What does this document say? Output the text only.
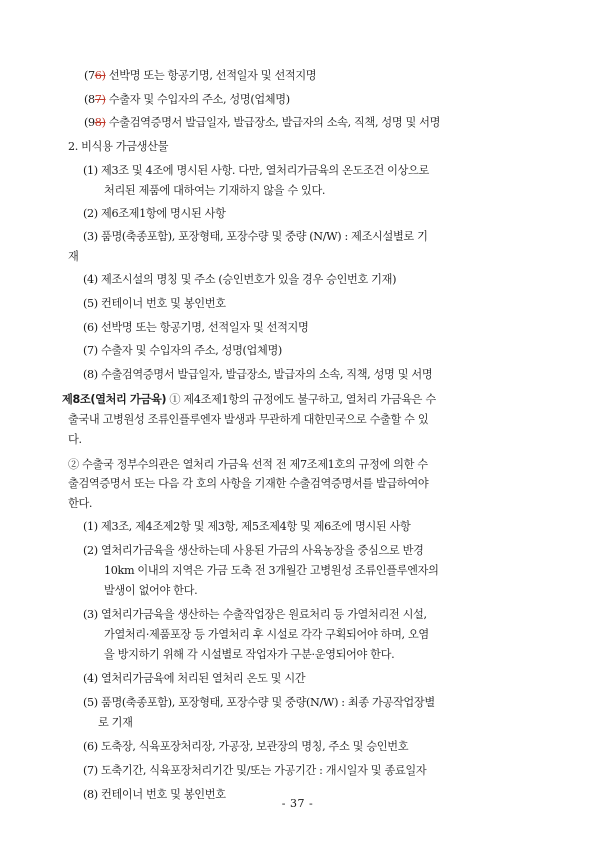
(76) 선박명 또는 항공기명, 선적일자 및 선적지명
(87) 수출자 및 수입자의 주소, 성명(업체명)
(98) 수출검역증명서 발급일자, 발급장소, 발급자의 소속, 직책, 성명 및 서명
2. 비식용 가금생산물
(1) 제3조 및 4조에 명시된 사항. 다만, 열처리가금육의 온도조건 이상으로
처리된 제품에 대하여는 기재하지 않을 수 있다.
(2) 제6조제1항에 명시된 사항
(3) 품명(축종포함), 포장형태, 포장수량 및 중량 (N/W) : 제조시설별로 기
재
(4) 제조시설의 명칭 및 주소 (승인번호가 있을 경우 승인번호 기재)
(5) 컨테이너 번호 및 봉인번호
(6) 선박명 또는 항공기명, 선적일자 및 선적지명
(7) 수출자 및 수입자의 주소, 성명(업체명)
(8) 수출검역증명서 발급일자, 발급장소, 발급자의 소속, 직책, 성명 및 서명
제8조(열처리 가금육) ① 제4조제1항의 규정에도 불구하고, 열처리 가금육은 수
출국내 고병원성 조류인플루엔자 발생과 무관하게 대한민국으로 수출할 수 있
다.
② 수출국 정부수의관은 열처리 가금육 선적 전 제7조제1호의 규정에 의한 수
출검역증명서 또는 다음 각 호의 사항을 기재한 수출검역증명서를 발급하여야
한다.
(1) 제3조, 제4조제2항 및 제3항, 제5조제4항 및 제6조에 명시된 사항
(2) 열처리가금육을 생산하는데 사용된 가금의 사육농장을 중심으로 반경
10km 이내의 지역은 가금 도축 전 3개월간 고병원성 조류인플루엔자의
발생이 없어야 한다.
(3) 열처리가금육을 생산하는 수출작업장은 원료처리 등 가열처리전 시설,
가열처리·제품포장 등 가열처리 후 시설로 각각 구획되어야 하며, 오염
을 방지하기 위해 각 시설별로 작업자가 구분·운영되어야 한다.
(4) 열처리가금육에 처리된 열처리 온도 및 시간
(5) 품명(축종포함), 포장형태, 포장수량 및 중량(N/W) : 최종 가공작업장별
로 기재
(6) 도축장, 식육포장처리장, 가공장, 보관장의 명칭, 주소 및 승인번호
(7) 도축기간, 식육포장처리기간 및/또는 가공기간 : 개시일자 및 종료일자
(8) 컨테이너 번호 및 봉인번호
- 37 -
